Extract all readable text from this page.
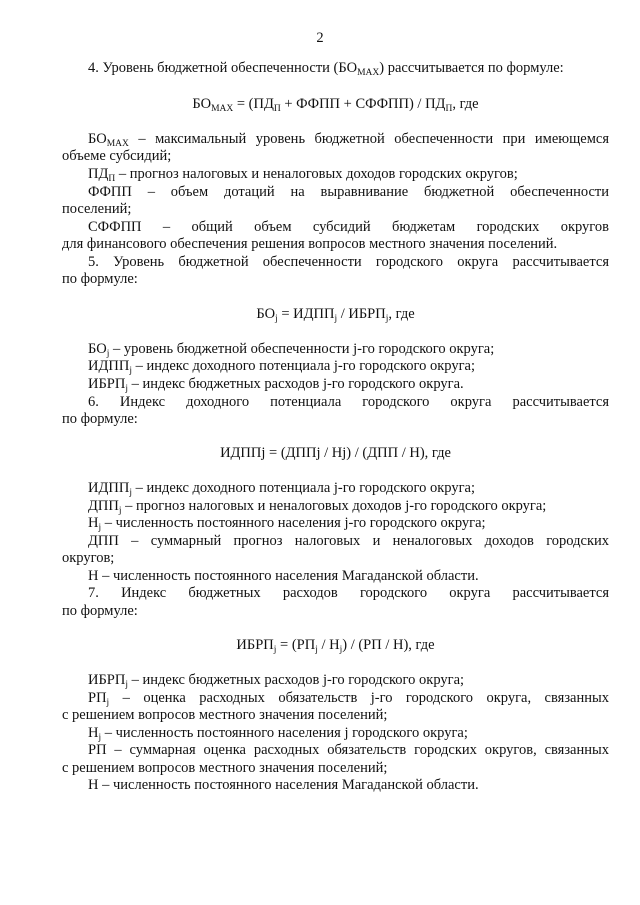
2
4. Уровень бюджетной обеспеченности $(БО_{MAX})$ рассчитывается по формуле:
$БО_{MAX} = (ПД_П$ + ФФПП + СФФПП) / $ПД_П$, где
$БО_{MAX}$ – максимальный уровень бюджетной обеспеченности при имеющемся
объеме субсидий;
$ПД_П$ – прогноз налоговых и неналоговых доходов городских округов;
ФФПП – объем дотаций на выравнивание бюджетной обеспеченности
поселений;
СФФПП – общий объем субсидий бюджетам городских округов
для финансового обеспечения решения вопросов местного значения поселений.
5. Уровень бюджетной обеспеченности городского округа рассчитывается
по формуле:
$БО_j$ = $ИДПП_j$ / $ИБРП_j$, где
$БО_j$ – уровень бюджетной обеспеченности j-го городского округа;
$ИДПП_j$ – индекс доходного потенциала j-го городского округа;
$ИБРП_j$ – индекс бюджетных расходов j-го городского округа.
6. Индекс доходного потенциала городского округа рассчитывается
по формуле:
ИДППj = (ДППj / Hj) / (ДПП / H), где
$ИДПП_j$ – индекс доходного потенциала j-го городского округа;
$ДПП_j$ – прогноз налоговых и неналоговых доходов j-го городского округа;
$Н_j$ – численность постоянного населения j-го городского округа;
ДПП – суммарный прогноз налоговых и неналоговых доходов городских
округов;
Н – численность постоянного населения Магаданской области.
7. Индекс бюджетных расходов городского округа рассчитывается
по формуле:
$ИБРП_j = (РП_j / Н_j) / (РП / Н)$, где
$ИБРП_j$ – индекс бюджетных расходов j-го городского округа;
$РП_j$ – оценка расходных обязательств j-го городского округа, связанных
с решением вопросов местного значения поселений;
$Н_j$ – численность постоянного населения j городского округа;
РП – суммарная оценка расходных обязательств городских округов, связанных
с решением вопросов местного значения поселений;
Н – численность постоянного населения Магаданской области.
